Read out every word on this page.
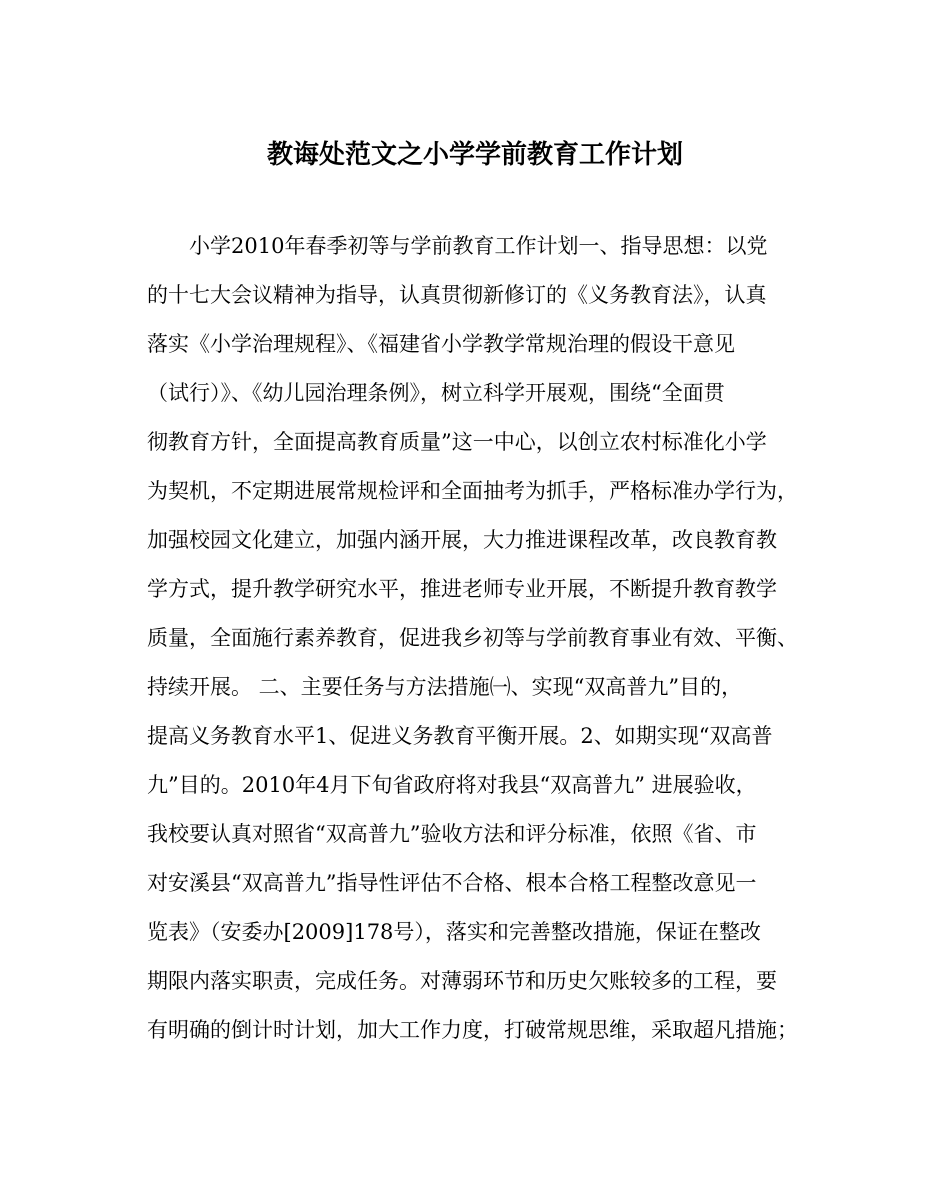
教诲处范文之小学学前教育工作计划
小学2010年春季初等与学前教育工作计划一、指导思想：以党
的十七大会议精神为指导，认真贯彻新修订的《义务教育法》，认真
落实《小学治理规程》、《福建省小学教学常规治理的假设干意见
（试行）》、《幼儿园治理条例》，树立科学开展观，围绕“全面贯
彻教育方针，全面提高教育质量”这一中心，以创立农村标准化小学
为契机，不定期进展常规检评和全面抽考为抓手，严格标准办学行为，
加强校园文化建立，加强内涵开展，大力推进课程改革，改良教育教
学方式，提升教学研究水平，推进老师专业开展，不断提升教育教学
质量，全面施行素养教育，促进我乡初等与学前教育事业有效、平衡、
持续开展。 二、主要任务与方法措施㈠、实现“双高普九”目的，
提高义务教育水平1、促进义务教育平衡开展。2、如期实现“双高普
九”目的。2010年4月下旬省政府将对我县“双高普九” 进展验收，
我校要认真对照省“双高普九”验收方法和评分标准，依照《省、市
对安溪县“双高普九”指导性评估不合格、根本合格工程整改意见一
览表》（安委办[2009]178号），落实和完善整改措施，保证在整改
期限内落实职责，完成任务。对薄弱环节和历史欠账较多的工程，要
有明确的倒计时计划，加大工作力度，打破常规思维，采取超凡措施；
